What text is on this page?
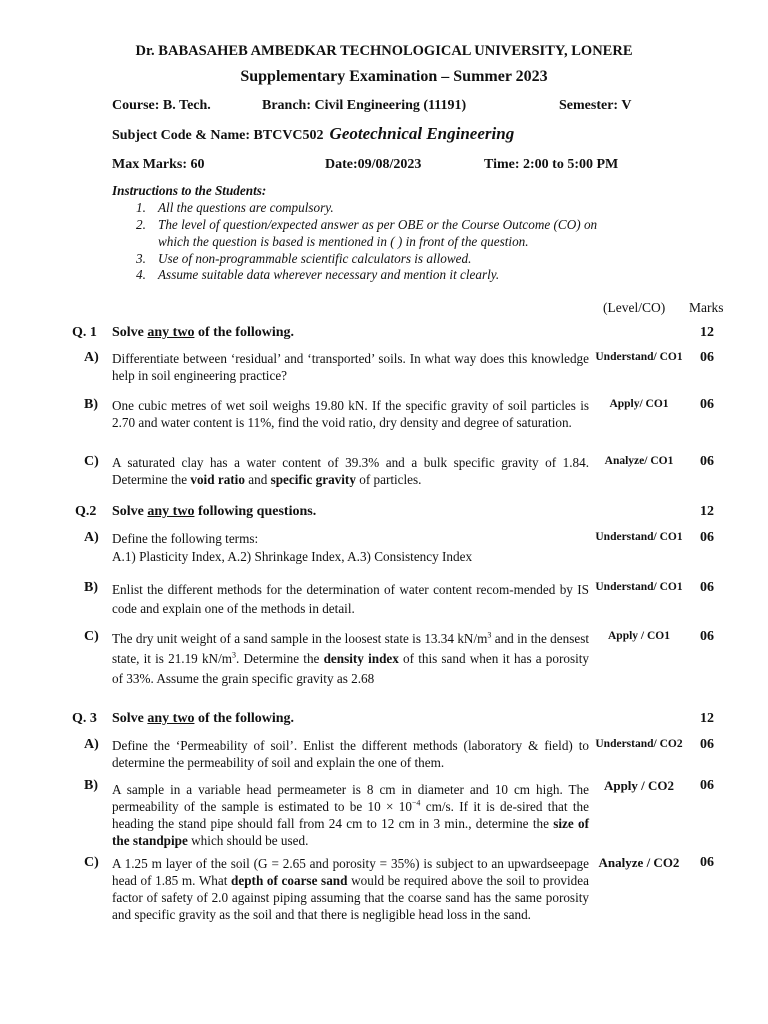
Dr. BABASAHEB AMBEDKAR TECHNOLOGICAL UNIVERSITY, LONERE
Supplementary Examination – Summer 2023
Course: B. Tech.	Branch: Civil Engineering (11191)	Semester: V
Subject Code & Name: BTCVC502 Geotechnical Engineering
Max Marks: 60	Date:09/08/2023	Time: 2:00 to 5:00 PM
Instructions to the Students:
1. All the questions are compulsory.
2. The level of question/expected answer as per OBE or the Course Outcome (CO) on
which the question is based is mentioned in ( ) in front of the question.
3. Use of non-programmable scientific calculators is allowed.
4. Assume suitable data wherever necessary and mention it clearly.
(Level/CO) Marks
Q. 1 Solve any two of the following.	12
A) Differentiate between ‘residual’ and ‘transported’ soils. In what way does this knowledge help in soil engineering practice?
Understand/ CO1 06
B) One cubic metres of wet soil weighs 19.80 kN. If the specific gravity of soil particles is 2.70 and water content is 11%, find the void ratio, dry density and degree of saturation.
Apply/ CO1	06
C) A saturated clay has a water content of 39.3% and a bulk specific gravity of 1.84. Determine the void ratio and specific gravity of particles.
Analyze/ CO1	06
Q.2 Solve any two following questions.	12
A) Define the following terms:
A.1) Plasticity Index, A.2) Shrinkage Index, A.3) Consistency Index
Understand/ CO1 06
B) Enlist the different methods for the determination of water content recom-mended by IS code and explain one of the methods in detail.
Understand/ CO1 06
C) The dry unit weight of a sand sample in the loosest state is 13.34 $kN/m^3$ and in the densest state, it is 21.19 $kN/m^3$. Determine the density index of this sand when it has a porosity of 33%. Assume the grain specific gravity as 2.68
Apply / CO1	06
Q. 3 Solve any two of the following.	12
A) Define the ‘Permeability of soil’. Enlist the different methods (laboratory & field) to determine the permeability of soil and explain the one of them.
Understand/ CO2 06
B) A sample in a variable head permeameter is 8 cm in diameter and 10 cm high. The permeability of the sample is estimated to be $10 \times 10^{-4}$ cm/s. If it is de-sired that the heading the stand pipe should fall from 24 cm to 12 cm in 3 min., determine the size of the standpipe which should be used.
Apply / CO2	06
C) A 1.25 m layer of the soil (G = 2.65 and porosity = 35%) is subject to an upwardseepage head of 1.85 m. What depth of coarse sand would be required above the soil to providea factor of safety of 2.0 against piping assuming that the coarse sand has the same porosity and specific gravity as the soil and that there is negligible head loss in the sand.
Analyze / CO2	06
